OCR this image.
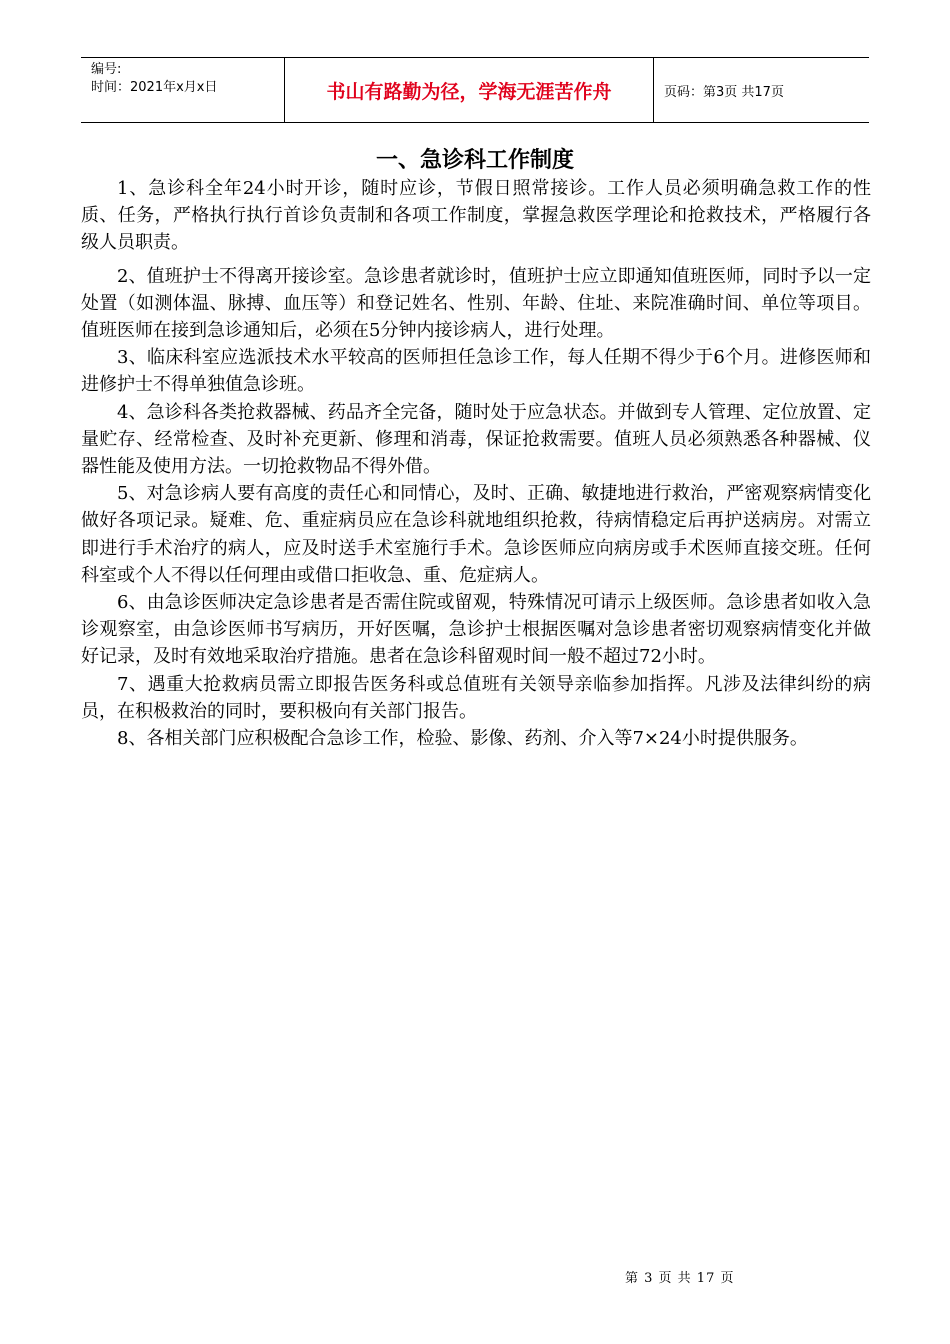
编号:
时间：2021年x月x日	书山有路勤为径，学海无涯苦作舟	页码：第3页 共17页
一、急诊科工作制度

1、急诊科全年24小时开诊，随时应诊，节假日照常接诊。工作人员必须明确急救工作的性质、任务，严格执行执行首诊负责制和各项工作制度，掌握急救医学理论和抢救技术，严格履行各级人员职责。

2、值班护士不得离开接诊室。急诊患者就诊时，值班护士应立即通知值班医师，同时予以一定处置（如测体温、脉搏、血压等）和登记姓名、性别、年龄、住址、来院准确时间、单位等项目。值班医师在接到急诊通知后，必须在5分钟内接诊病人，进行处理。

3、临床科室应选派技术水平较高的医师担任急诊工作，每人任期不得少于6个月。进修医师和进修护士不得单独值急诊班。

4、急诊科各类抢救器械、药品齐全完备，随时处于应急状态。并做到专人管理、定位放置、定量贮存、经常检查、及时补充更新、修理和消毒，保证抢救需要。值班人员必须熟悉各种器械、仪器性能及使用方法。一切抢救物品不得外借。

5、对急诊病人要有高度的责任心和同情心，及时、正确、敏捷地进行救治，严密观察病情变化做好各项记录。疑难、危、重症病员应在急诊科就地组织抢救，待病情稳定后再护送病房。对需立即进行手术治疗的病人，应及时送手术室施行手术。急诊医师应向病房或手术医师直接交班。任何科室或个人不得以任何理由或借口拒收急、重、危症病人。

6、由急诊医师决定急诊患者是否需住院或留观，特殊情况可请示上级医师。急诊患者如收入急诊观察室，由急诊医师书写病历，开好医嘱，急诊护士根据医嘱对急诊患者密切观察病情变化并做好记录，及时有效地采取治疗措施。患者在急诊科留观时间一般不超过72小时。

7、遇重大抢救病员需立即报告医务科或总值班有关领导亲临参加指挥。凡涉及法律纠纷的病员，在积极救治的同时，要积极向有关部门报告。

8、各相关部门应积极配合急诊工作，检验、影像、药剂、介入等7×24小时提供服务。

第 3 页 共 17 页
